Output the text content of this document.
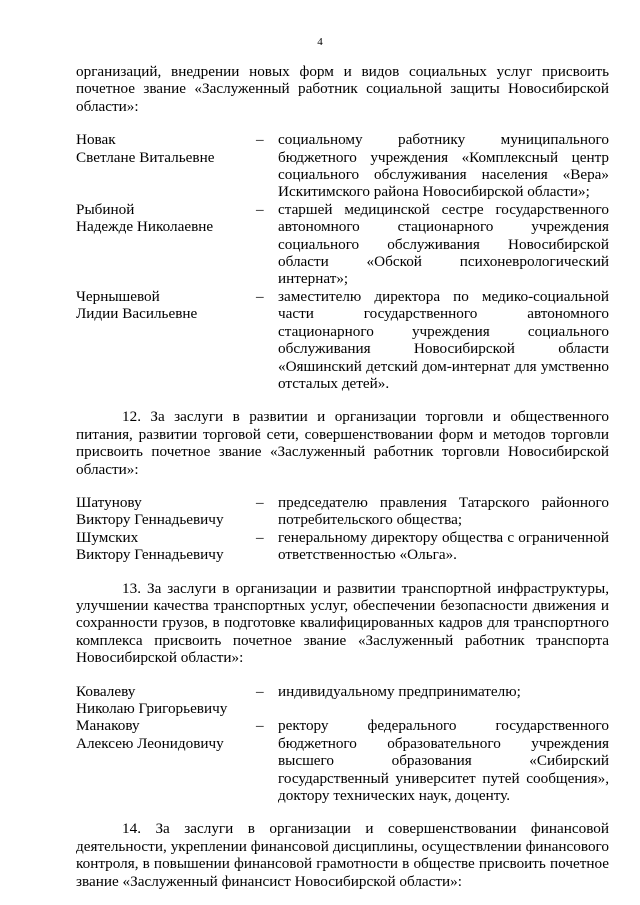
4

организаций, внедрении новых форм и видов социальных услуг присвоить почетное звание «Заслуженный работник социальной защиты Новосибирской области»:

Новак
Светлане Витальевне
– социальному работнику муниципального бюджетного учреждения «Комплексный центр социального обслуживания населения «Вера» Искитимского района Новосибирской области»;
Рыбиной
Надежде Николаевне
– старшей медицинской сестре государственного автономного стационарного учреждения социального обслуживания Новосибирской области «Обской психоневрологический интернат»;
Чернышевой
Лидии Васильевне
– заместителю директора по медико-социальной части государственного автономного стационарного учреждения социального обслуживания Новосибирской области «Ояшинский детский дом-интернат для умственно отсталых детей».

12. За заслуги в развитии и организации торговли и общественного питания, развитии торговой сети, совершенствовании форм и методов торговли присвоить почетное звание «Заслуженный работник торговли Новосибирской области»:

Шатунову
Виктору Геннадьевичу
– председателю правления Татарского районного потребительского общества;
Шумских
Виктору Геннадьевичу
– генеральному директору общества с ограниченной ответственностью «Ольга».

13. За заслуги в организации и развитии транспортной инфраструктуры, улучшении качества транспортных услуг, обеспечении безопасности движения и сохранности грузов, в подготовке квалифицированных кадров для транспортного комплекса присвоить почетное звание «Заслуженный работник транспорта Новосибирской области»:

Ковалеву
Николаю Григорьевичу
– индивидуальному предпринимателю;
Манакову
Алексею Леонидовичу
– ректору федерального государственного бюджетного образовательного учреждения высшего образования «Сибирский государственный университет путей сообщения», доктору технических наук, доценту.

14. За заслуги в организации и совершенствовании финансовой деятельности, укреплении финансовой дисциплины, осуществлении финансового контроля, в повышении финансовой грамотности в обществе присвоить почетное звание «Заслуженный финансист Новосибирской области»:
